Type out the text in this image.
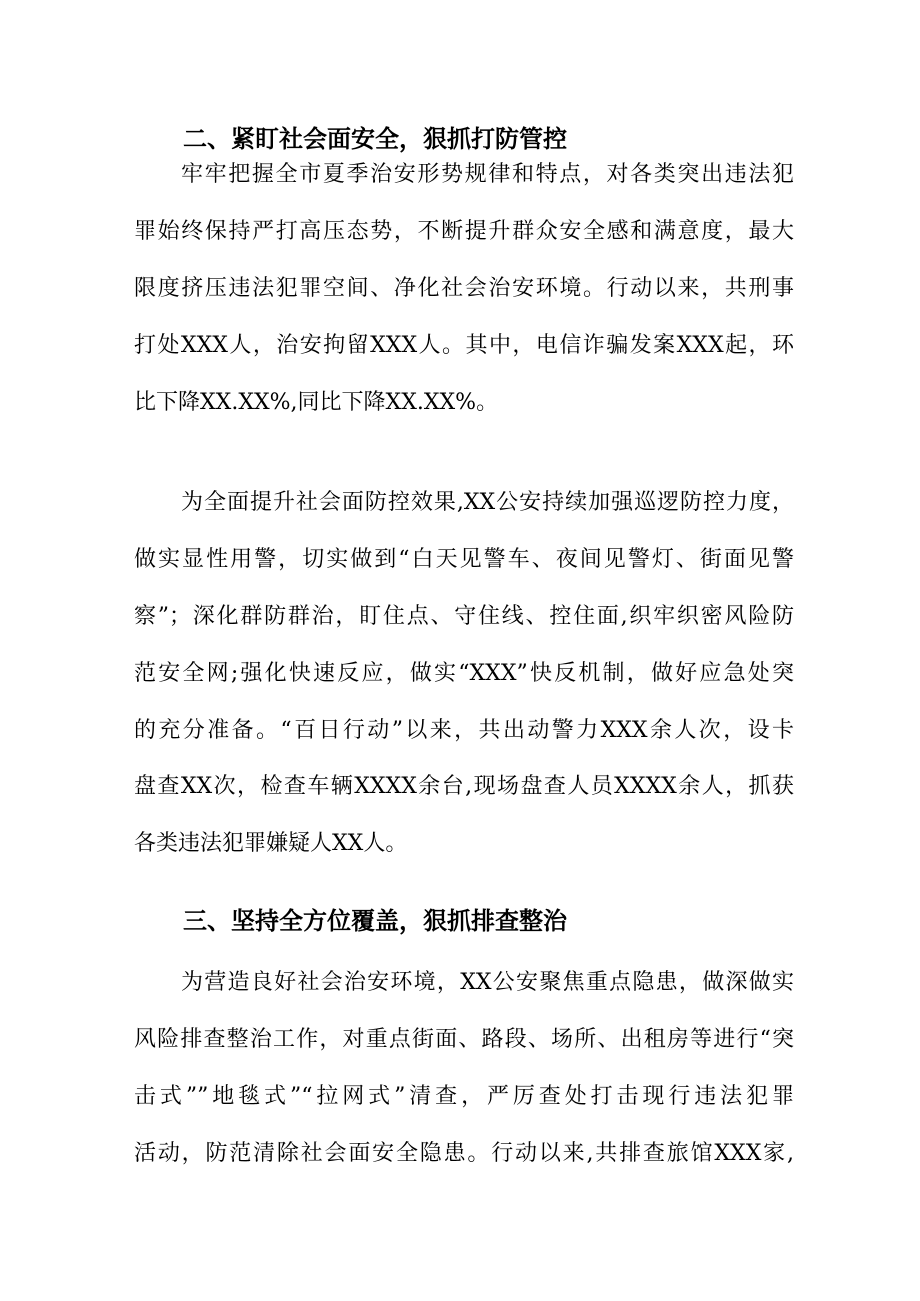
二、紧盯社会面安全，狠抓打防管控
牢牢把握全市夏季治安形势规律和特点，对各类突出违法犯
罪始终保持严打高压态势，不断提升群众安全感和满意度，最大
限度挤压违法犯罪空间、净化社会治安环境。行动以来，共刑事
打处XXX人，治安拘留XXX人。其中，电信诈骗发案XXX起，环
比下降XX.XX%,同比下降XX.XX%。
为全面提升社会面防控效果,XX公安持续加强巡逻防控力度，
做实显性用警，切实做到“白天见警车、夜间见警灯、街面见警
察”；深化群防群治，盯住点、守住线、控住面,织牢织密风险防
范安全网;强化快速反应，做实“XXX”快反机制，做好应急处突
的充分准备。“百日行动”以来，共出动警力XXX余人次，设卡
盘查XX次，检查车辆XXXX余台,现场盘查人员XXXX余人，抓获
各类违法犯罪嫌疑人XX人。
三、坚持全方位覆盖，狠抓排查整治
为营造良好社会治安环境，XX公安聚焦重点隐患，做深做实
风险排查整治工作，对重点街面、路段、场所、出租房等进行“突
击式””地毯式”“拉网式”清查，严厉查处打击现行违法犯罪
活动，防范清除社会面安全隐患。行动以来,共排查旅馆XXX家,
